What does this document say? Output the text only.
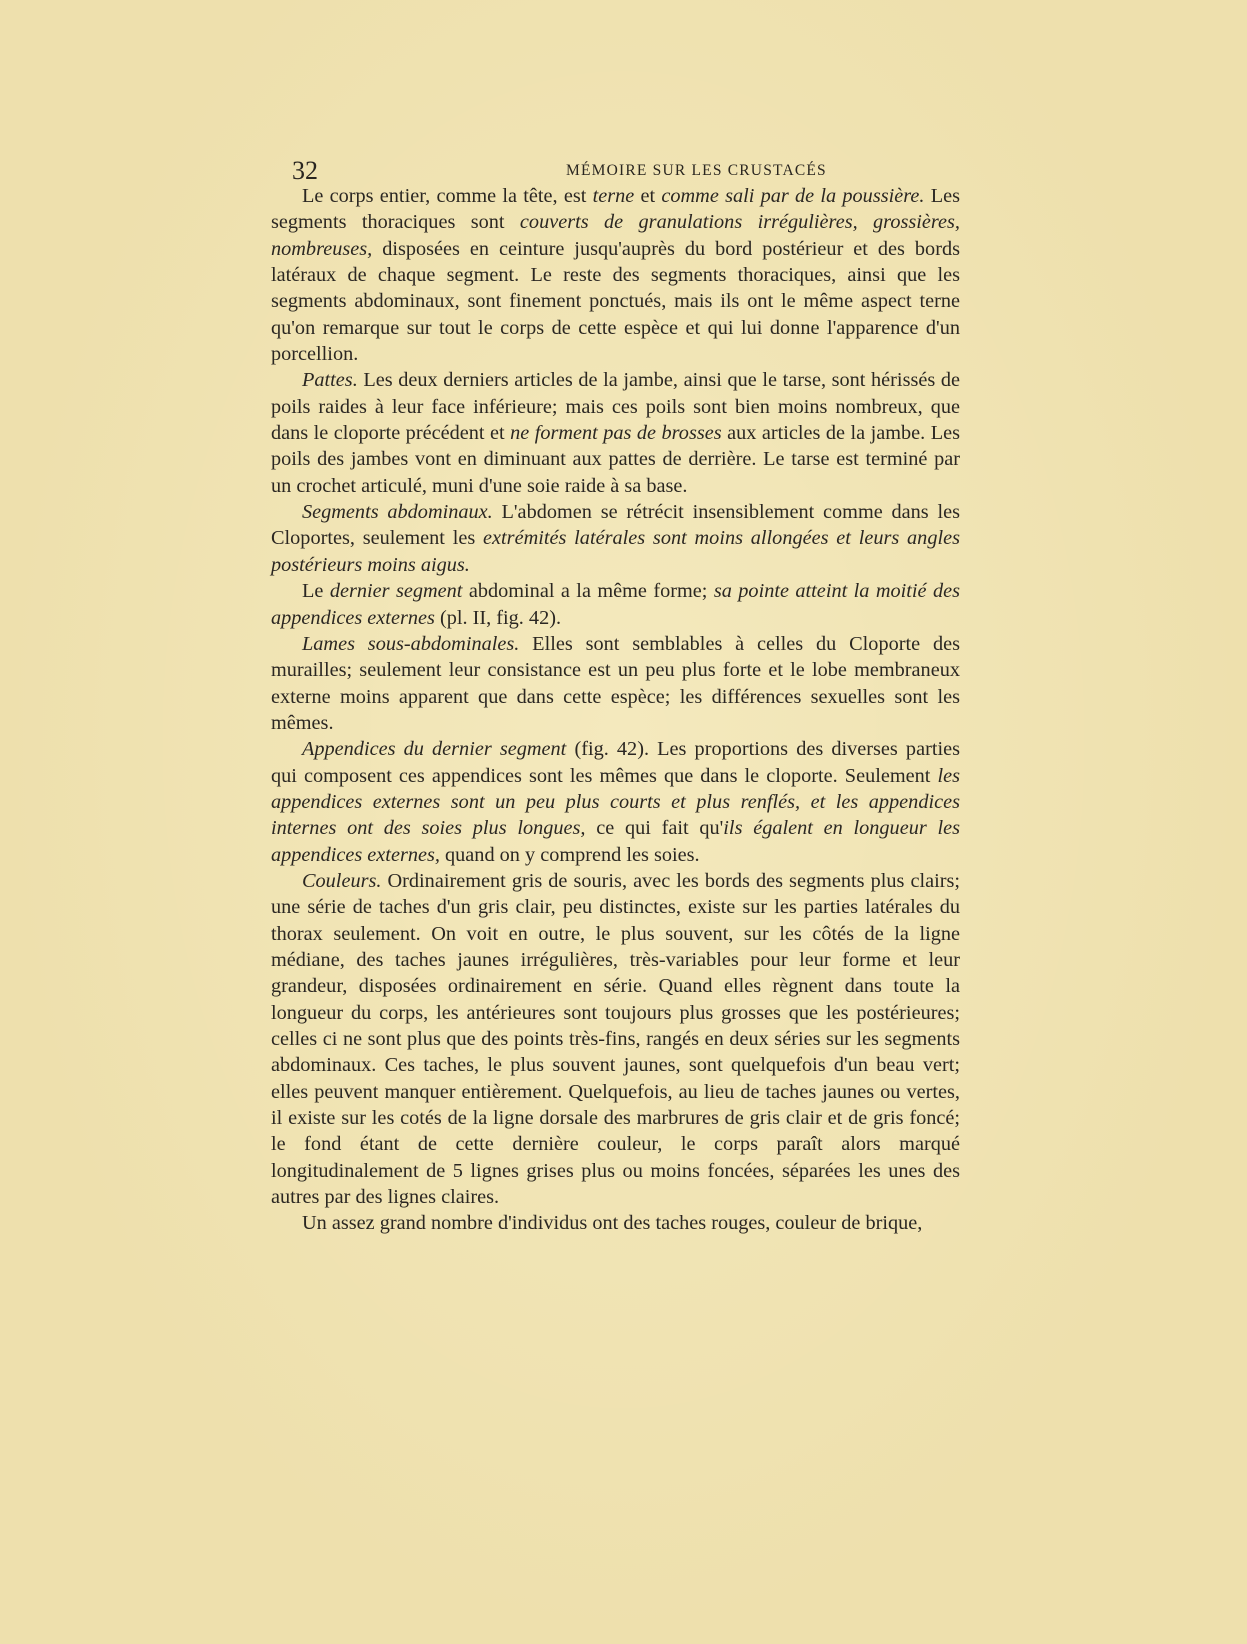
32	MÉMOIRE SUR LES CRUSTACÉS

Le corps entier, comme la tête, est terne et comme sali par de la poussière. Les segments thoraciques sont couverts de granulations irrégulières, grossières, nombreuses, disposées en ceinture jusqu'auprès du bord postérieur et des bords latéraux de chaque segment. Le reste des segments thoraciques, ainsi que les segments abdominaux, sont finement ponctués, mais ils ont le même aspect terne qu'on remarque sur tout le corps de cette espèce et qui lui donne l'apparence d'un porcellion.

Pattes. Les deux derniers articles de la jambe, ainsi que le tarse, sont hérissés de poils raides à leur face inférieure; mais ces poils sont bien moins nombreux, que dans le cloporte précédent et ne forment pas de brosses aux articles de la jambe. Les poils des jambes vont en diminuant aux pattes de derrière. Le tarse est terminé par un crochet articulé, muni d'une soie raide à sa base.

Segments abdominaux. L'abdomen se rétrécit insensiblement comme dans les Cloportes, seulement les extrémités latérales sont moins allongées et leurs angles postérieurs moins aigus.

Le dernier segment abdominal a la même forme; sa pointe atteint la moitié des appendices externes (pl. II, fig. 42).

Lames sous-abdominales. Elles sont semblables à celles du Cloporte des murailles; seulement leur consistance est un peu plus forte et le lobe membraneux externe moins apparent que dans cette espèce; les différences sexuelles sont les mêmes.

Appendices du dernier segment (fig. 42). Les proportions des diverses parties qui composent ces appendices sont les mêmes que dans le cloporte. Seulement les appendices externes sont un peu plus courts et plus renflés, et les appendices internes ont des soies plus longues, ce qui fait qu'ils égalent en longueur les appendices externes, quand on y comprend les soies.

Couleurs. Ordinairement gris de souris, avec les bords des segments plus clairs; une série de taches d'un gris clair, peu distinctes, existe sur les parties latérales du thorax seulement. On voit en outre, le plus souvent, sur les côtés de la ligne médiane, des taches jaunes irrégulières, très-variables pour leur forme et leur grandeur, disposées ordinairement en série. Quand elles règnent dans toute la longueur du corps, les antérieures sont toujours plus grosses que les postérieures; celles ci ne sont plus que des points très-fins, rangés en deux séries sur les segments abdominaux. Ces taches, le plus souvent jaunes, sont quelquefois d'un beau vert; elles peuvent manquer entièrement. Quelquefois, au lieu de taches jaunes ou vertes, il existe sur les cotés de la ligne dorsale des marbrures de gris clair et de gris foncé; le fond étant de cette dernière couleur, le corps paraît alors marqué longitudinalement de 5 lignes grises plus ou moins foncées, séparées les unes des autres par des lignes claires.

Un assez grand nombre d'individus ont des taches rouges, couleur de brique,
